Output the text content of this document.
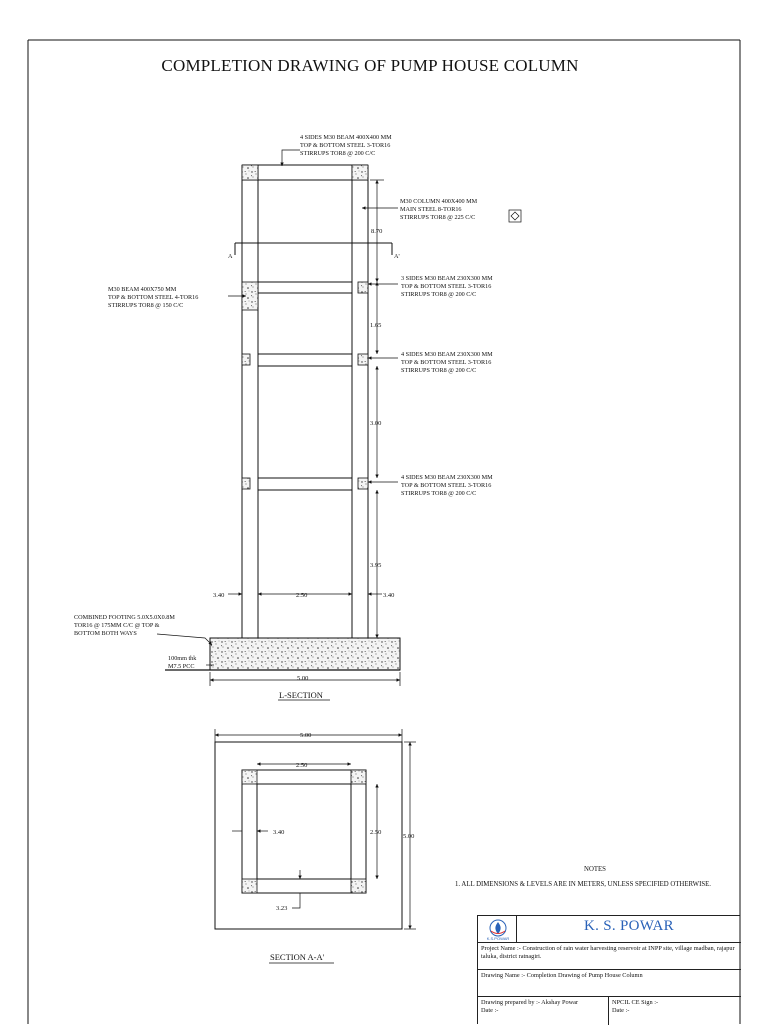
4 SIDES M30 BEAM 400X400 MM TOP & BOTTOM STEEL 3-TOR16 STIRRUPS TOR8 @ 200 C/C
M30 COLUMN 400X400 MM MAIN STEEL 8-TOR16 STIRRUPS TOR8 @ 225 C/C
M30 BEAM 400X750 MM TOP & BOTTOM STEEL 4-TOR16 STIRRUPS TOR8 @ 150 C/C
3 SIDES M30 BEAM 230X300 MM TOP & BOTTOM STEEL 3-TOR16 STIRRUPS TOR8 @ 200 C/C
4 SIDES M30 BEAM 230X300 MM TOP & BOTTOM STEEL 3-TOR16 STIRRUPS TOR8 @ 200 C/C
4 SIDES M30 BEAM 230X300 MM TOP & BOTTOM STEEL 3-TOR16 STIRRUPS TOR8 @ 200 C/C
COMBINED FOOTING 5.0X5.0X0.8M TOR16 @ 175MM C/C @ TOP & BOTTOM BOTH WAYS
100mm thk M7.5 PCC
A	A'
8.70
1.65
3.00
3.95
3.40	2.50	3.40
5.00
L-SECTION
5.00
2.50
2.50
5.00
3.40
3.23
SECTION A-A'
COMPLETION DRAWING OF PUMP HOUSE COLUMN
NOTES
1. ALL DIMENSIONS & LEVELS ARE IN METERS, UNLESS SPECIFIED OTHERWISE.
K.S.POWAR
K. S. POWAR
Project Name :- Construction of rain water harvesting reservoir at INPP site, village madban, rajapur taluka, district ratnagiri.
Drawing Name :- Completion Drawing of Pump House Column
Drawing prepared by :- Akshay Powar
Date :-
NPCIL CE Sign :-
Date :-
